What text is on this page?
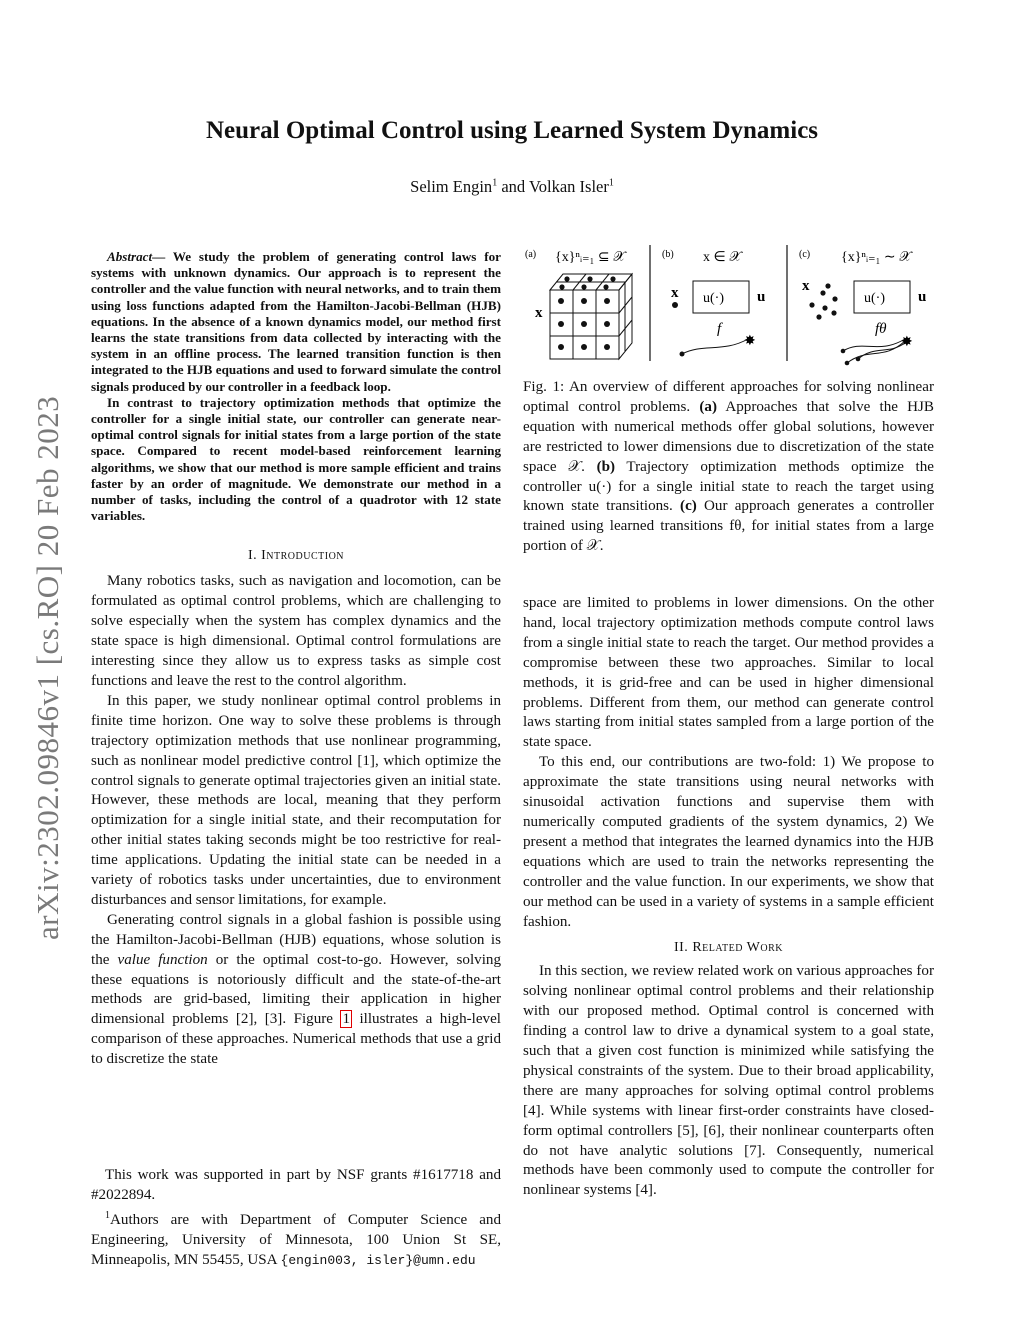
Neural Optimal Control using Learned System Dynamics
Selim Engin$^1$ and Volkan Isler$^1$
arXiv:2302.09846v1 [cs.RO] 20 Feb 2023

Abstract— We study the problem of generating control laws for systems with unknown dynamics. Our approach is to represent the controller and the value function with neural networks, and to train them using loss functions adapted from the Hamilton-Jacobi-Bellman (HJB) equations. In the absence of a known dynamics model, our method first learns the state transitions from data collected by interacting with the system in an offline process. The learned transition function is then integrated to the HJB equations and used to forward simulate the control signals produced by our controller in a feedback loop.

In contrast to trajectory optimization methods that optimize the controller for a single initial state, our controller can generate near-optimal control signals for initial states from a large portion of the state space. Compared to recent model-based reinforcement learning algorithms, we show that our method is more sample efficient and trains faster by an order of magnitude. We demonstrate our method in a number of tasks, including the control of a quadrotor with 12 state variables.

I. Introduction

Many robotics tasks, such as navigation and locomotion, can be formulated as optimal control problems, which are challenging to solve especially when the system has complex dynamics and the state space is high dimensional. Optimal control formulations are interesting since they allow us to express tasks as simple cost functions and leave the rest to the control algorithm.

In this paper, we study nonlinear optimal control problems in finite time horizon. One way to solve these problems is through trajectory optimization methods that use nonlinear programming, such as nonlinear model predictive control [1], which optimize the control signals to generate optimal trajectories given an initial state. However, these methods are local, meaning that they perform optimization for a single initial state, and their recomputation for other initial states taking seconds might be too restrictive for real-time applications. Updating the initial state can be needed in a variety of robotics tasks under uncertainties, due to environment disturbances and sensor limitations, for example.

Generating control signals in a global fashion is possible using the Hamilton-Jacobi-Bellman (HJB) equations, whose solution is the value function or the optimal cost-to-go. However, solving these equations is notoriously difficult and the state-of-the-art methods are grid-based, limiting their application in higher dimensional problems [2], [3]. Figure 1 illustrates a high-level comparison of these approaches. Numerical methods that use a grid to discretize the state

This work was supported in part by NSF grants #1617718 and #2022894.

$^1$Authors are with Department of Computer Science and Engineering, University of Minnesota, 100 Union St SE, Minneapolis, MN 55455, USA {engin003, isler}@umn.edu

(a) {x}ⁿᵢ₌₁ ⊆ 𝒳
x
(b) x ∈ 𝒳
x u(·) u
f
✸
(c) {x}ⁿᵢ₌₁ ∼ 𝒳
x
u(·) u
fθ
✸

Fig. 1: An overview of different approaches for solving nonlinear optimal control problems. (a) Approaches that solve the HJB equation with numerical methods offer global solutions, however are restricted to lower dimensions due to discretization of the state space 𝒳. (b) Trajectory optimization methods optimize the controller u(·) for a single initial state to reach the target using known state transitions. (c) Our approach generates a controller trained using learned transitions fθ, for initial states from a large portion of 𝒳.

space are limited to problems in lower dimensions. On the other hand, local trajectory optimization methods compute control laws from a single initial state to reach the target. Our method provides a compromise between these two approaches. Similar to local methods, it is grid-free and can be used in higher dimensional problems. Different from them, our method can generate control laws starting from initial states sampled from a large portion of the state space.

To this end, our contributions are two-fold: 1) We propose to approximate the state transitions using neural networks with sinusoidal activation functions and supervise them with numerically computed gradients of the system dynamics, 2) We present a method that integrates the learned dynamics into the HJB equations which are used to train the networks representing the controller and the value function. In our experiments, we show that our method can be used in a variety of systems in a sample efficient fashion.

II. Related Work

In this section, we review related work on various approaches for solving nonlinear optimal control problems and their relationship with our proposed method. Optimal control is concerned with finding a control law to drive a dynamical system to a goal state, such that a given cost function is minimized while satisfying the physical constraints of the system. Due to their broad applicability, there are many approaches for solving optimal control problems [4]. While systems with linear first-order constraints have closed-form optimal controllers [5], [6], their nonlinear counterparts often do not have analytic solutions [7]. Consequently, numerical methods have been commonly used to compute the controller for nonlinear systems [4].
